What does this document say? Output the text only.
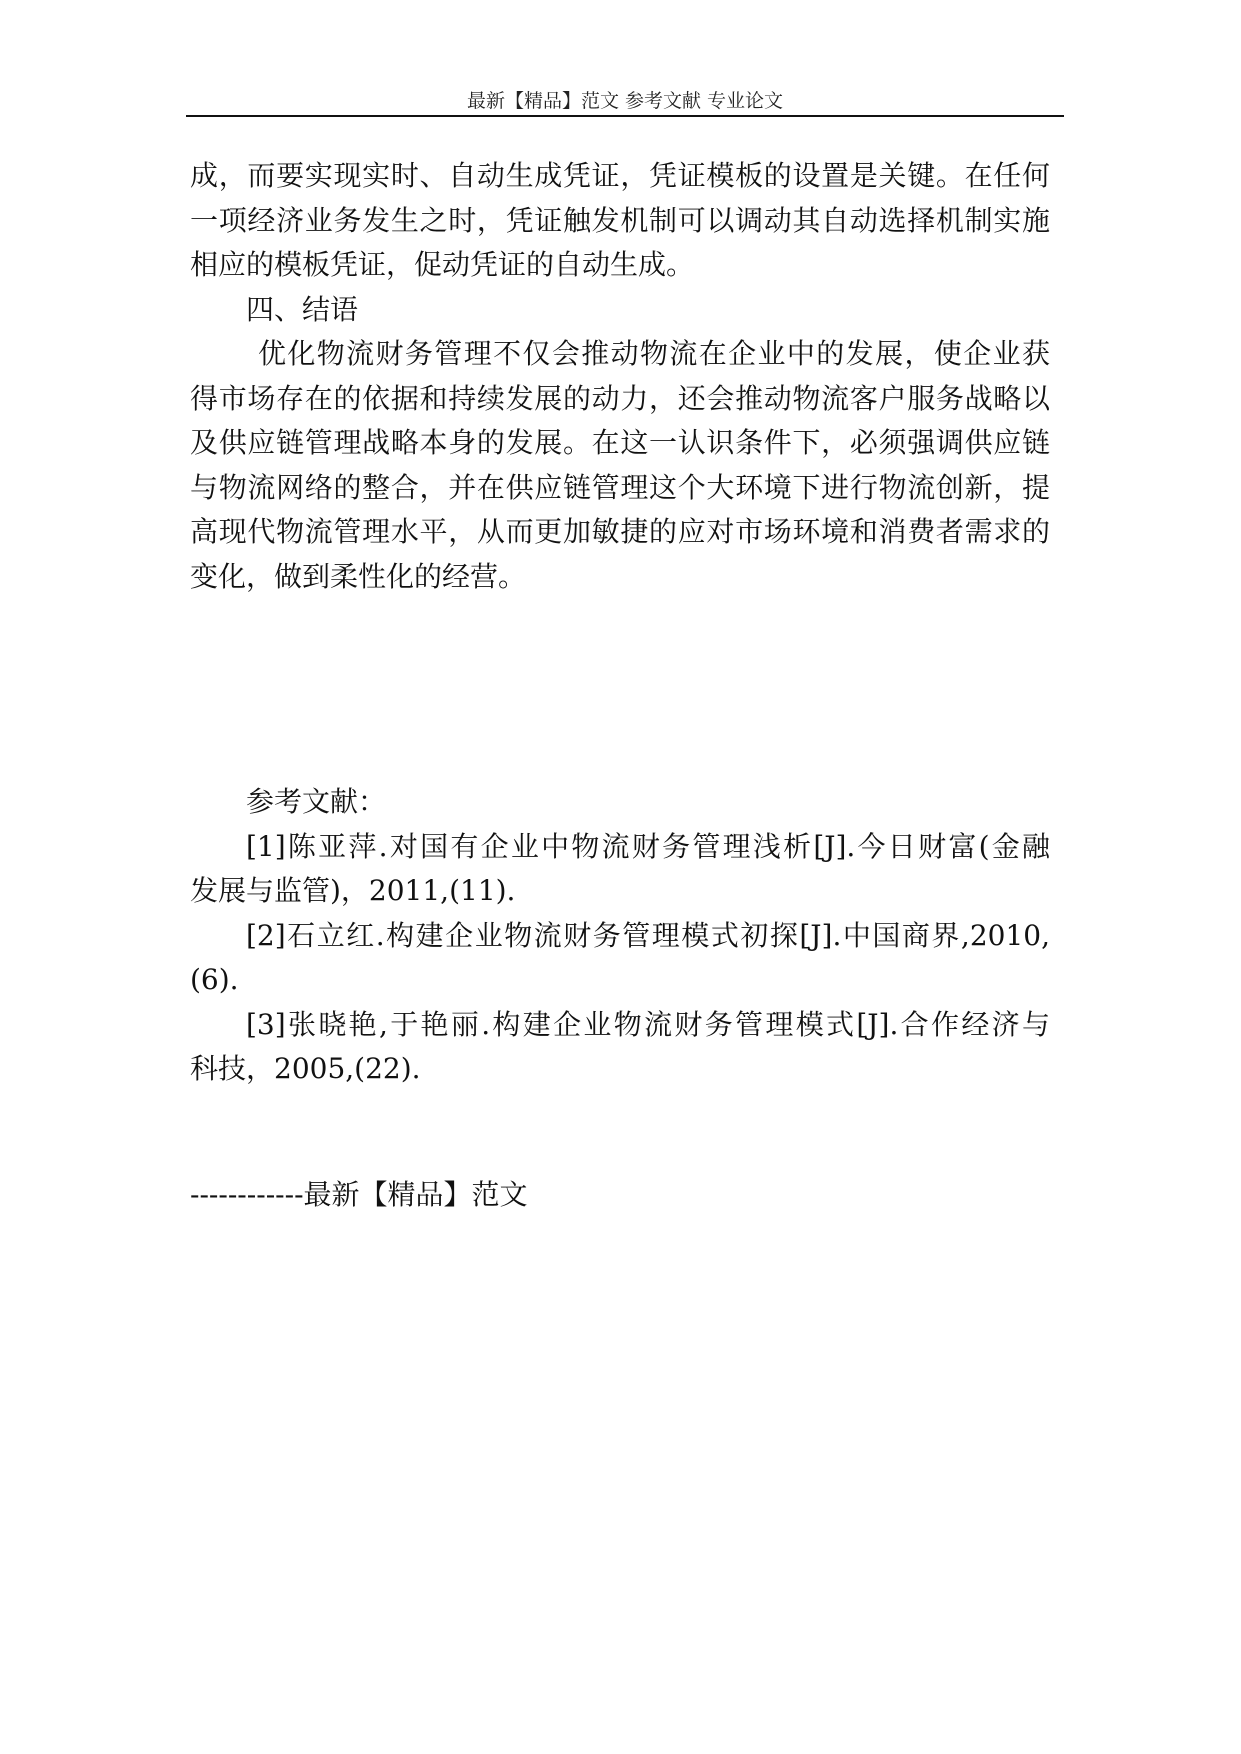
最新【精品】范文 参考文献 专业论文
成，而要实现实时、自动生成凭证，凭证模板的设置是关键。在任何
一项经济业务发生之时，凭证触发机制可以调动其自动选择机制实施
相应的模板凭证，促动凭证的自动生成。
四、结语
优化物流财务管理不仅会推动物流在企业中的发展，使企业获
得市场存在的依据和持续发展的动力，还会推动物流客户服务战略以
及供应链管理战略本身的发展。在这一认识条件下，必须强调供应链
与物流网络的整合，并在供应链管理这个大环境下进行物流创新，提
高现代物流管理水平，从而更加敏捷的应对市场环境和消费者需求的
变化，做到柔性化的经营。
参考文献：
[1]陈亚萍.对国有企业中物流财务管理浅析[J].今日财富(金融
发展与监管)，2011,(11).
[2]石立红.构建企业物流财务管理模式初探[J].中国商界,2010,
(6).
[3]张晓艳,于艳丽.构建企业物流财务管理模式[J].合作经济与
科技，2005,(22).
------------最新【精品】范文
